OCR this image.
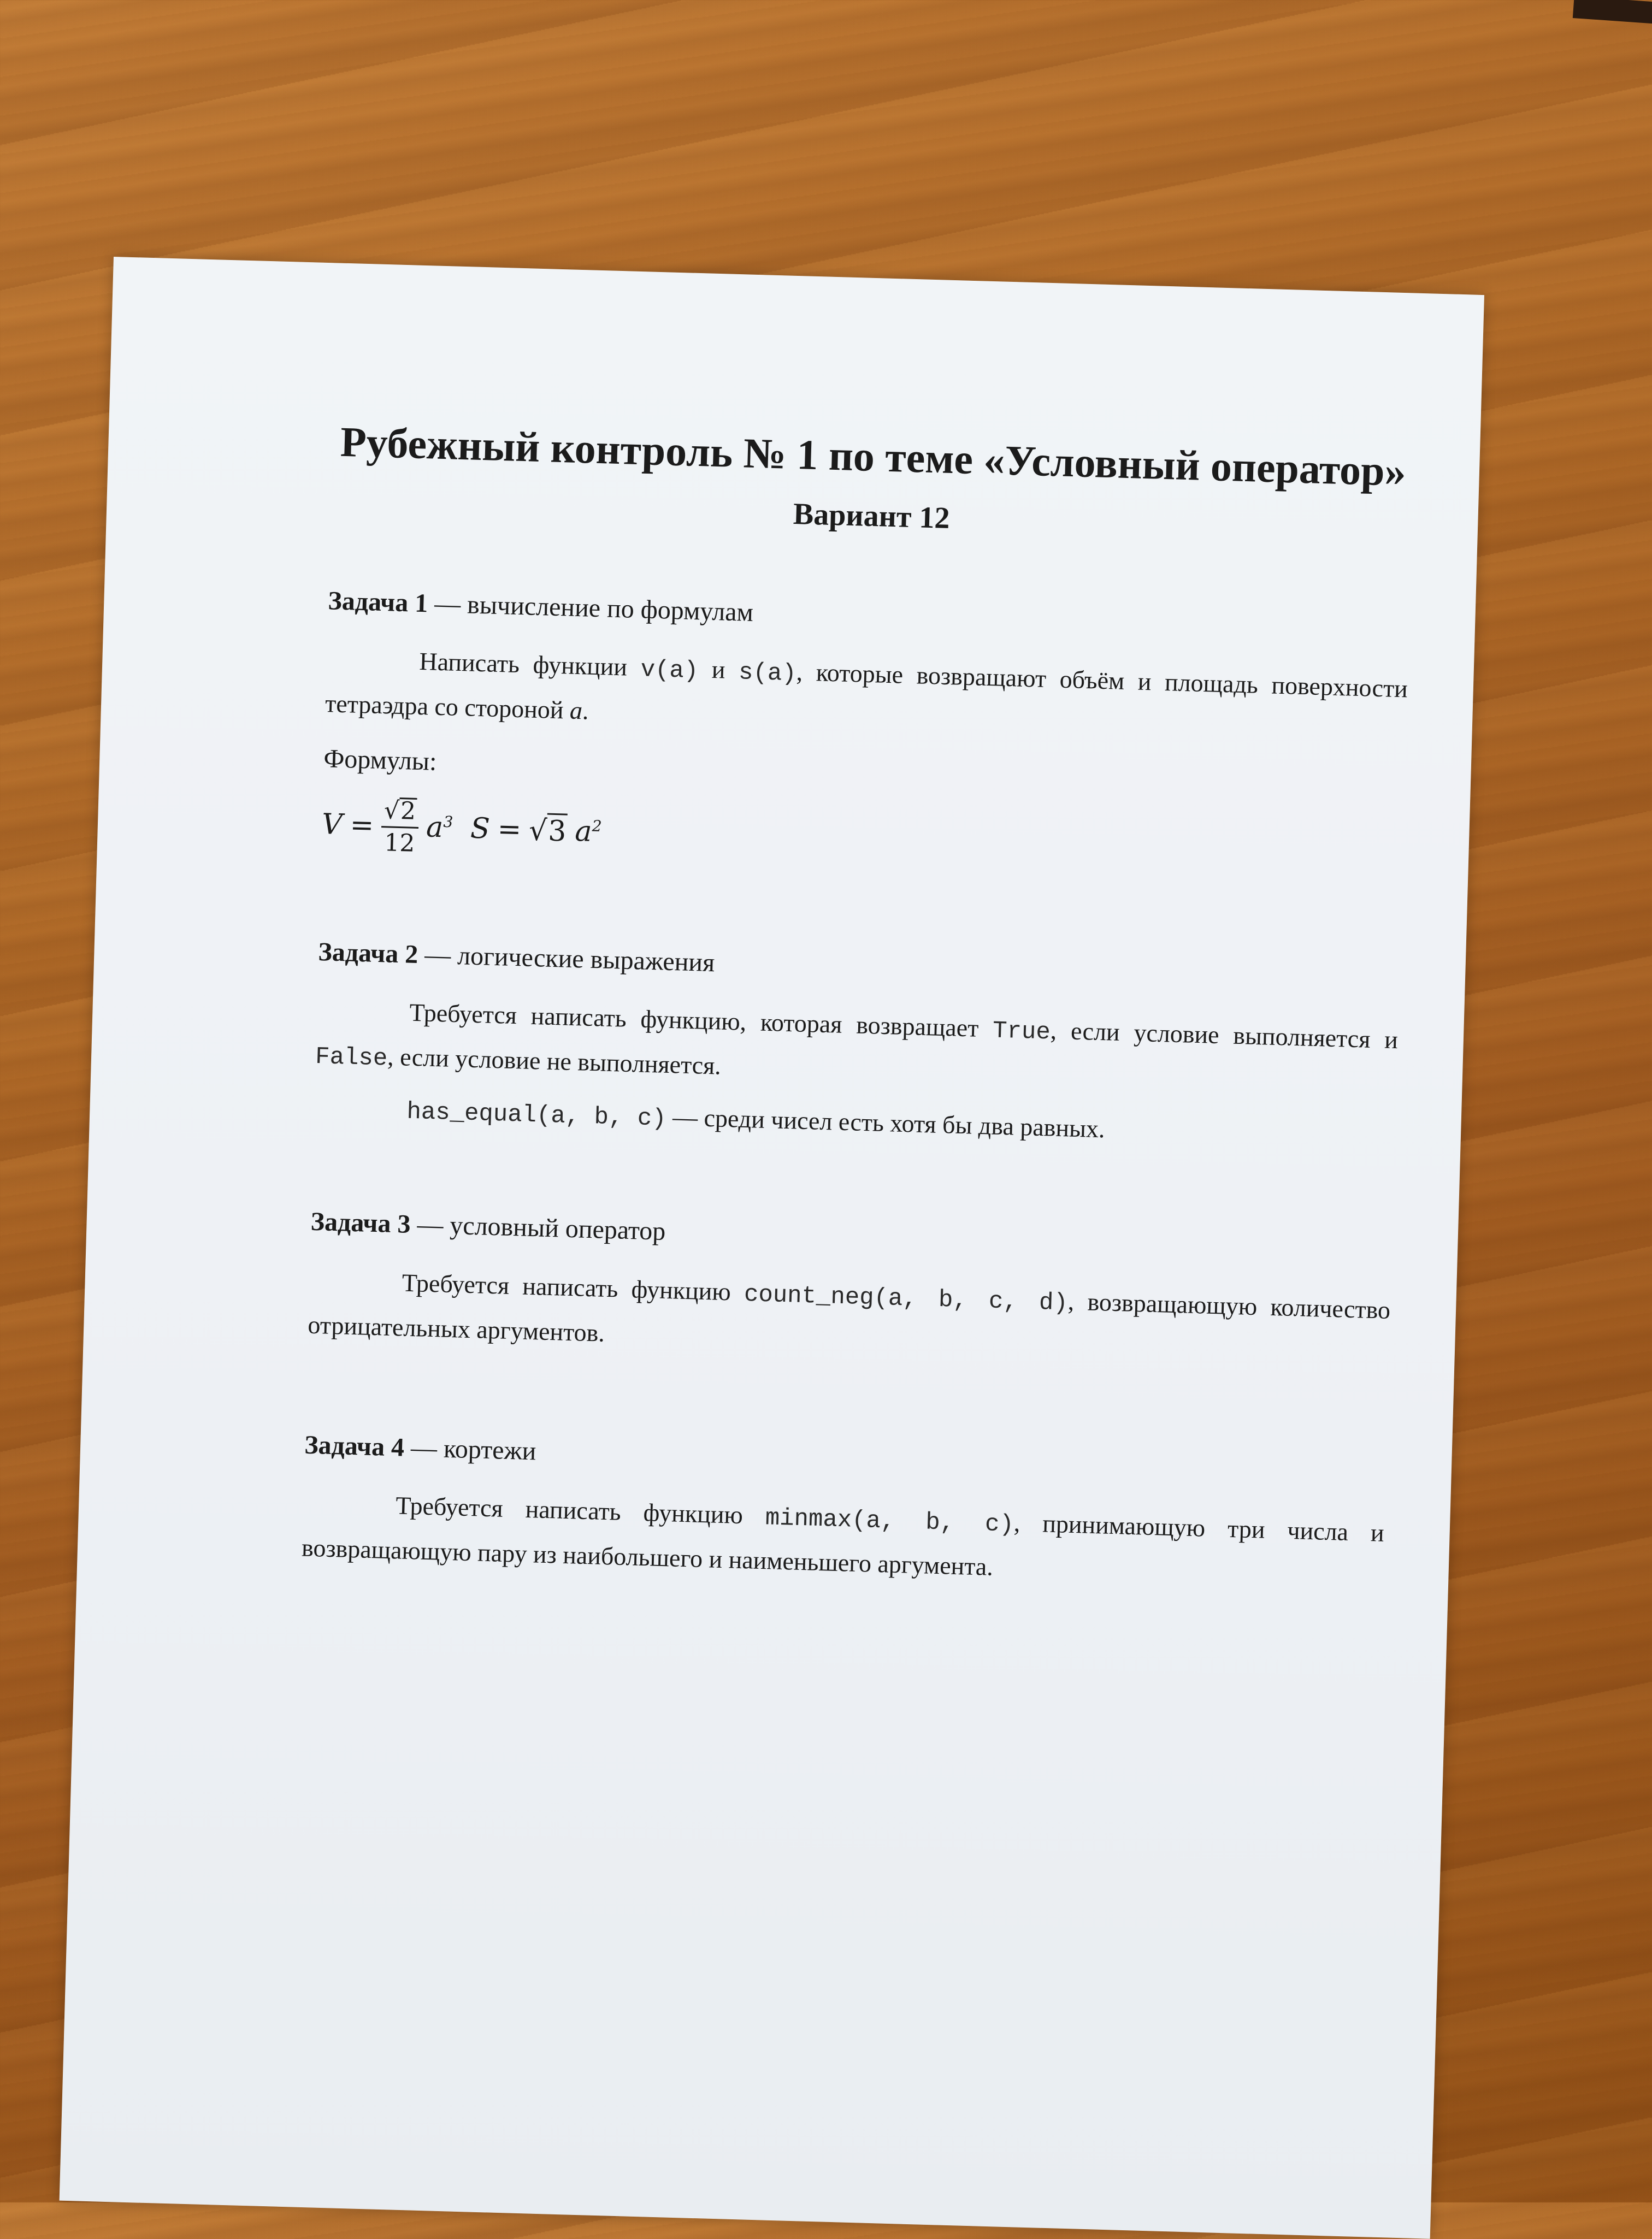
Рубежный контроль № 1 по теме «Условный оператор»
Вариант 12
Задача 1 — вычисление по формулам
Написать функции v(a) и s(a), которые возвращают объём и площадь поверхности тетраэдра со стороной a.
Формулы:
$V = \frac{√ 2}{12} a^3$ S = √ 3 $a^2$
Задача 2 — логические выражения
Требуется написать функцию, которая возвращает True, если условие выполняется и False, если условие не выполняется.
has_equal(a, b, c) — среди чисел есть хотя бы два равных.
Задача 3 — условный оператор
Требуется написать функцию count_neg(a, b, c, d), возвращающую количество отрицательных аргументов.
Задача 4 — кортежи
Требуется написать функцию minmax(a, b, c), принимающую три числа и возвращающую пару из наибольшего и наименьшего аргумента.
